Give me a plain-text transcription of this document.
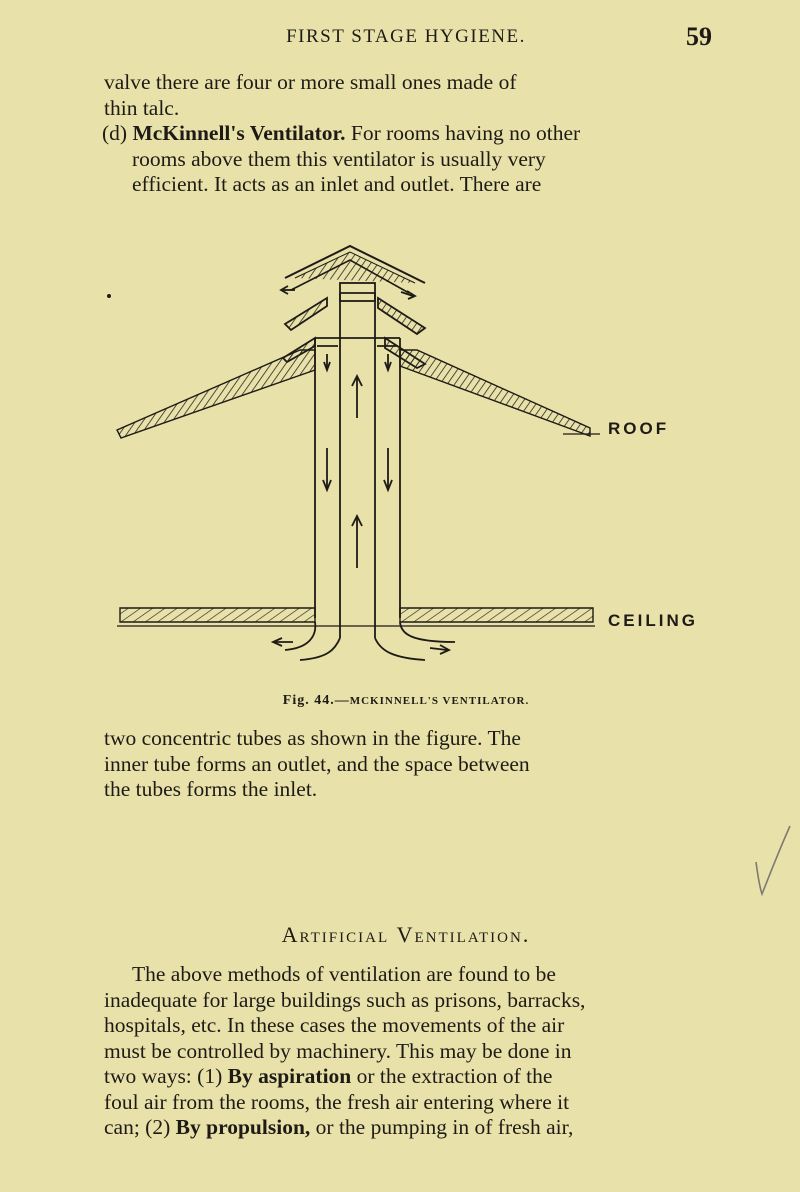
FIRST STAGE HYGIENE.	59
valve there are four or more small ones made of
thin talc.
(d) McKinnell's Ventilator. For rooms having no other
rooms above them this ventilator is usually very
efficient. It acts as an inlet and outlet. There are
ROOF
CEILING
Fig. 44.—MCKINNELL'S VENTILATOR.
two concentric tubes as shown in the figure. The
inner tube forms an outlet, and the space between
the tubes forms the inlet.
Artificial Ventilation.
The above methods of ventilation are found to be
inadequate for large buildings such as prisons, barracks,
hospitals, etc. In these cases the movements of the air
must be controlled by machinery. This may be done in
two ways: (1) By aspiration or the extraction of the
foul air from the rooms, the fresh air entering where it
can; (2) By propulsion, or the pumping in of fresh air,
